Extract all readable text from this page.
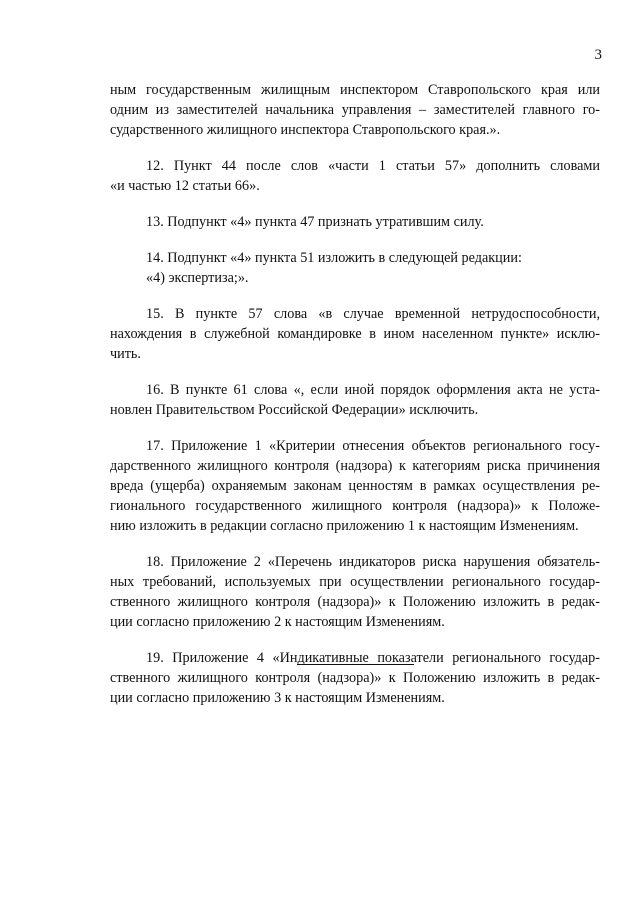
3
ным государственным жилищным инспектором Ставропольского края или
одним из заместителей начальника управления – заместителей главного го-
сударственного жилищного инспектора Ставропольского края.».
12. Пункт 44 после слов «части 1 статьи 57» дополнить словами
«и частью 12 статьи 66».
13. Подпункт «4» пункта 47 признать утратившим силу.
14. Подпункт «4» пункта 51 изложить в следующей редакции:
«4) экспертиза;».
15. В пункте 57 слова «в случае временной нетрудоспособности,
нахождения в служебной командировке в ином населенном пункте» исклю-
чить.
16. В пункте 61 слова «, если иной порядок оформления акта не уста-
новлен Правительством Российской Федерации» исключить.
17. Приложение 1 «Критерии отнесения объектов регионального госу-
дарственного жилищного контроля (надзора) к категориям риска причинения
вреда (ущерба) охраняемым законам ценностям в рамках осуществления ре-
гионального государственного жилищного контроля (надзора)» к Положе-
нию изложить в редакции согласно приложению 1 к настоящим Изменениям.
18. Приложение 2 «Перечень индикаторов риска нарушения обязатель-
ных требований, используемых при осуществлении регионального государ-
ственного жилищного контроля (надзора)» к Положению изложить в редак-
ции согласно приложению 2 к настоящим Изменениям.
19. Приложение 4 «Индикативные показатели регионального государ-
ственного жилищного контроля (надзора)» к Положению изложить в редак-
ции согласно приложению 3 к настоящим Изменениям.
